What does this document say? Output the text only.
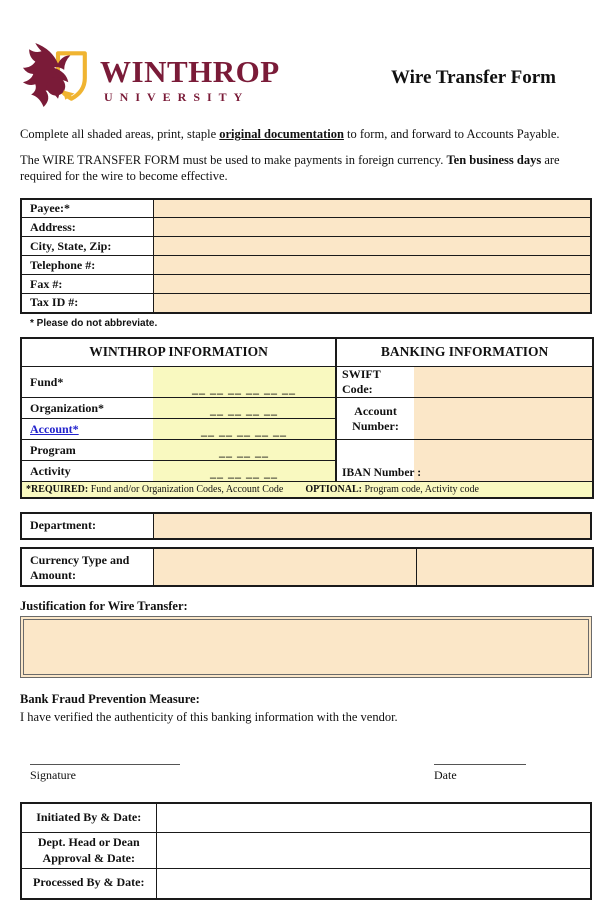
WINTHROP
UNIVERSITY
Wire Transfer Form

Complete all shaded areas, print, staple original documentation to form, and forward to Accounts Payable.

The WIRE TRANSFER FORM must be used to make payments in foreign currency. Ten business days are required for the wire to become effective.

Payee:*	
Address:	
City, State, Zip:	
Telephone #:	
Fax #:	
Tax ID #:	
* Please do not abbreviate.
WINTHROP INFORMATION		BANKING INFORMATION	
Fund*	__ __ __ __ __ __	SWIFT Code:	
Organization*	__ __ __ __	Account Number:	
Account*	__ __ __ __ __		
Program	__ __ __	IBAN Number :	
Activity	__ __ __ __		
*REQUIRED: Fund and/or Organization Codes, Account Code OPTIONAL: Program code, Activity code			
Department:	
Currency Type and Amount:		
Justification for Wire Transfer:
Bank Fraud Prevention Measure:
I have verified the authenticity of this banking information with the vendor.
Signature	Date
Initiated By & Date:	
Dept. Head or Dean Approval & Date:	
Processed By & Date:	
